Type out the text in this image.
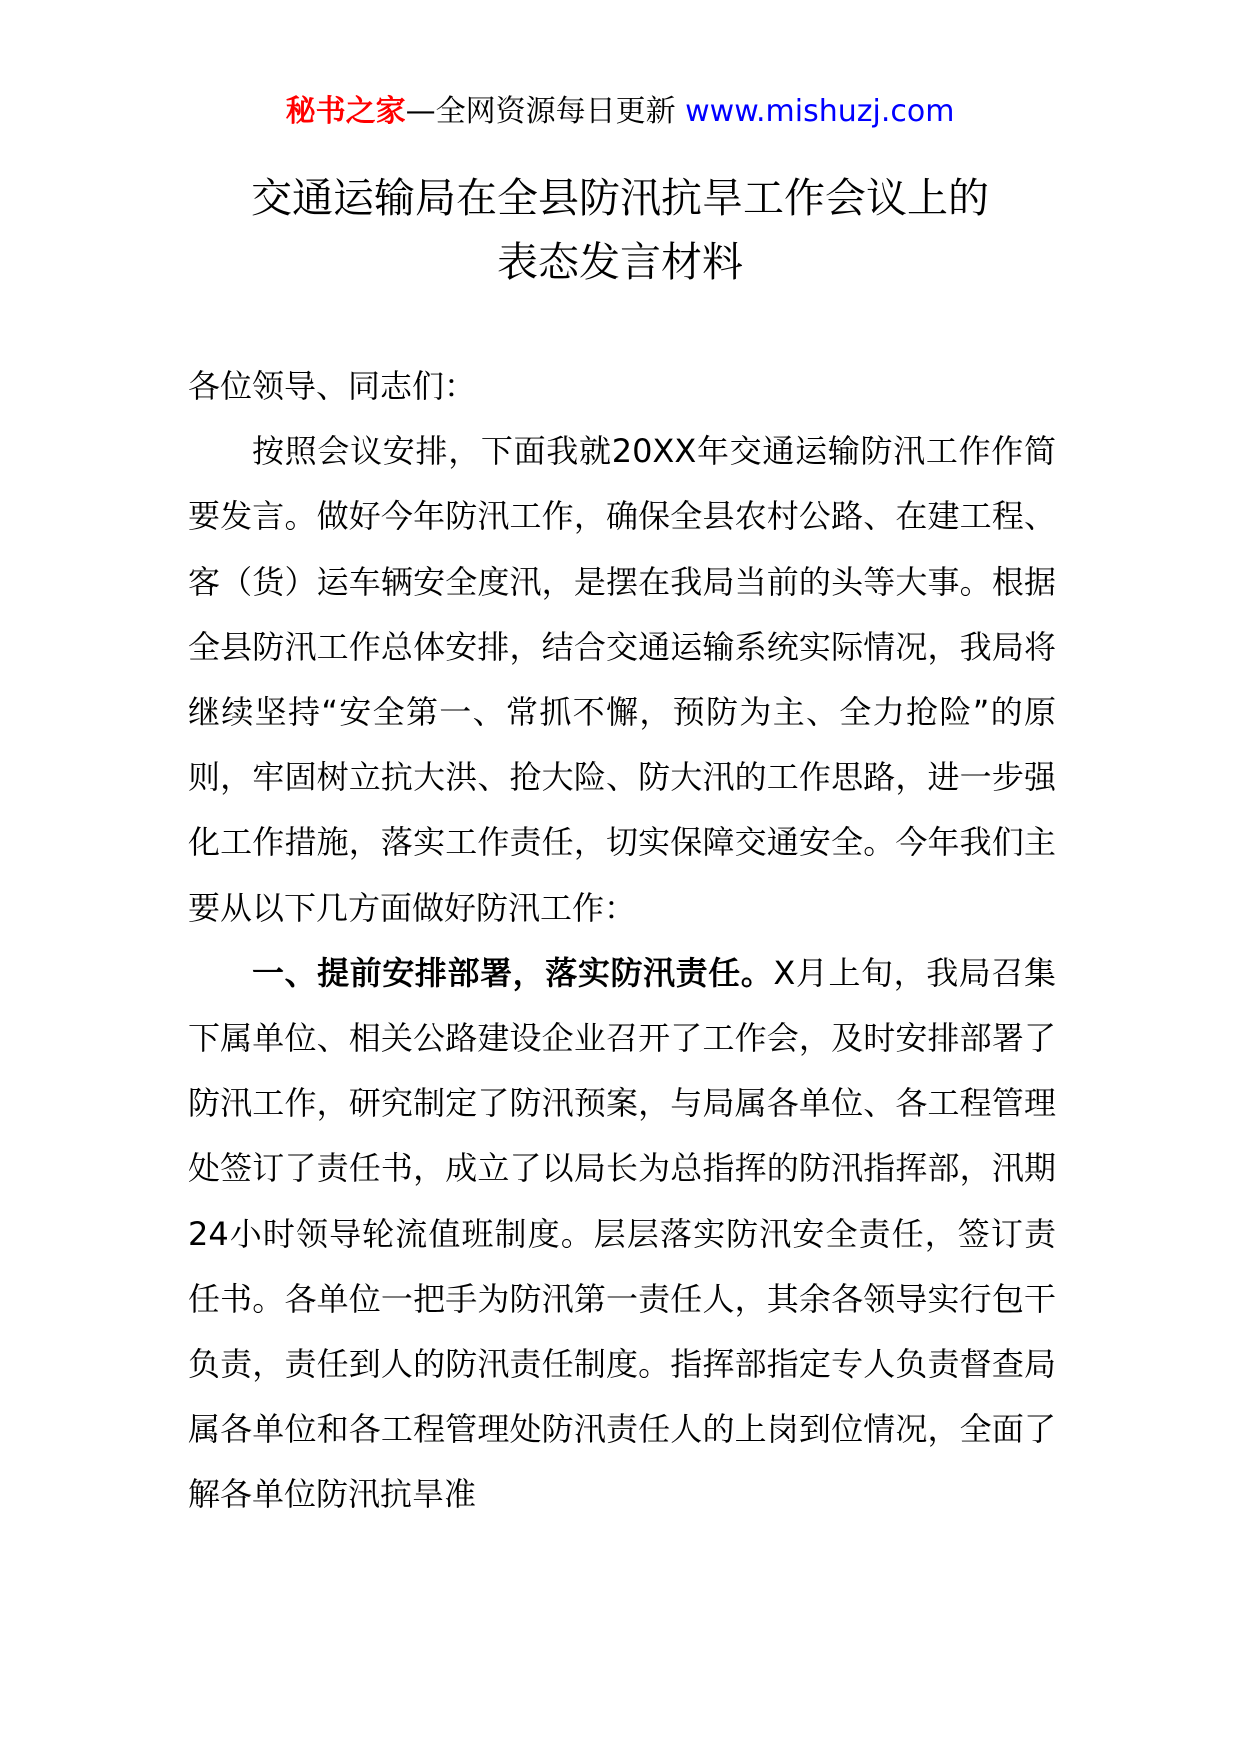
秘书之家—全网资源每日更新 www.mishuzj.com
交通运输局在全县防汛抗旱工作会议上的
表态发言材料

各位领导、同志们：

按照会议安排，下面我就20XX年交通运输防汛工作作简要发言。做好今年防汛工作，确保全县农村公路、在建工程、客（货）运车辆安全度汛，是摆在我局当前的头等大事。根据全县防汛工作总体安排，结合交通运输系统实际情况，我局将继续坚持“安全第一、常抓不懈，预防为主、全力抢险”的原则，牢固树立抗大洪、抢大险、防大汛的工作思路，进一步强化工作措施，落实工作责任，切实保障交通安全。今年我们主要从以下几方面做好防汛工作：

一、提前安排部署，落实防汛责任。X月上旬，我局召集下属单位、相关公路建设企业召开了工作会，及时安排部署了防汛工作，研究制定了防汛预案，与局属各单位、各工程管理处签订了责任书，成立了以局长为总指挥的防汛指挥部，汛期24小时领导轮流值班制度。层层落实防汛安全责任，签订责任书。各单位一把手为防汛第一责任人，其余各领导实行包干负责，责任到人的防汛责任制度。指挥部指定专人负责督查局属各单位和各工程管理处防汛责任人的上岗到位情况，全面了解各单位防汛抗旱准
